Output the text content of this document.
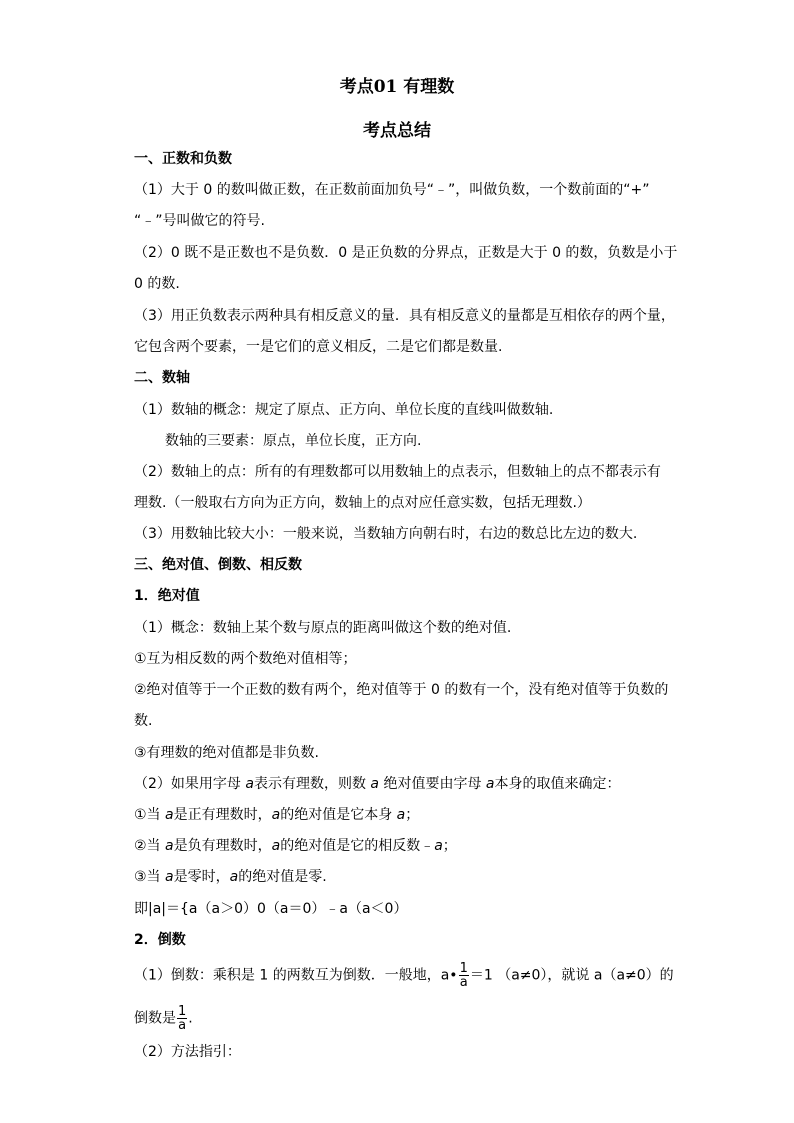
考点01 有理数
考点总结
一、正数和负数
（1）大于 0 的数叫做正数，在正数前面加负号“﹣”，叫做负数，一个数前面的“+”
“﹣”号叫做它的符号.
（2）0 既不是正数也不是负数．0 是正负数的分界点，正数是大于 0 的数，负数是小于
0 的数.
（3）用正负数表示两种具有相反意义的量．具有相反意义的量都是互相依存的两个量，
它包含两个要素，一是它们的意义相反，二是它们都是数量.
二、数轴
（1）数轴的概念：规定了原点、正方向、单位长度的直线叫做数轴.
数轴的三要素：原点，单位长度，正方向.
（2）数轴上的点：所有的有理数都可以用数轴上的点表示，但数轴上的点不都表示有
理数.（一般取右方向为正方向，数轴上的点对应任意实数，包括无理数.）
（3）用数轴比较大小：一般来说，当数轴方向朝右时，右边的数总比左边的数大.
三、绝对值、倒数、相反数
1．绝对值
（1）概念：数轴上某个数与原点的距离叫做这个数的绝对值.
①互为相反数的两个数绝对值相等；
②绝对值等于一个正数的数有两个，绝对值等于 0 的数有一个，没有绝对值等于负数的
数.
③有理数的绝对值都是非负数.
（2）如果用字母 a表示有理数，则数 a 绝对值要由字母 a本身的取值来确定：
①当 a是正有理数时，a的绝对值是它本身 a；
②当 a是负有理数时，a的绝对值是它的相反数﹣a；
③当 a是零时，a的绝对值是零.
即|a|＝{a（a＞0）0（a＝0）﹣a（a＜0）
2．倒数
（1）倒数：乘积是 1 的两数互为倒数．一般地，a• $\frac{1}{a} =1$ （a≠0），就说 a（a≠0）的
倒数是 $\frac{1}{a}$ .
（2）方法指引：
